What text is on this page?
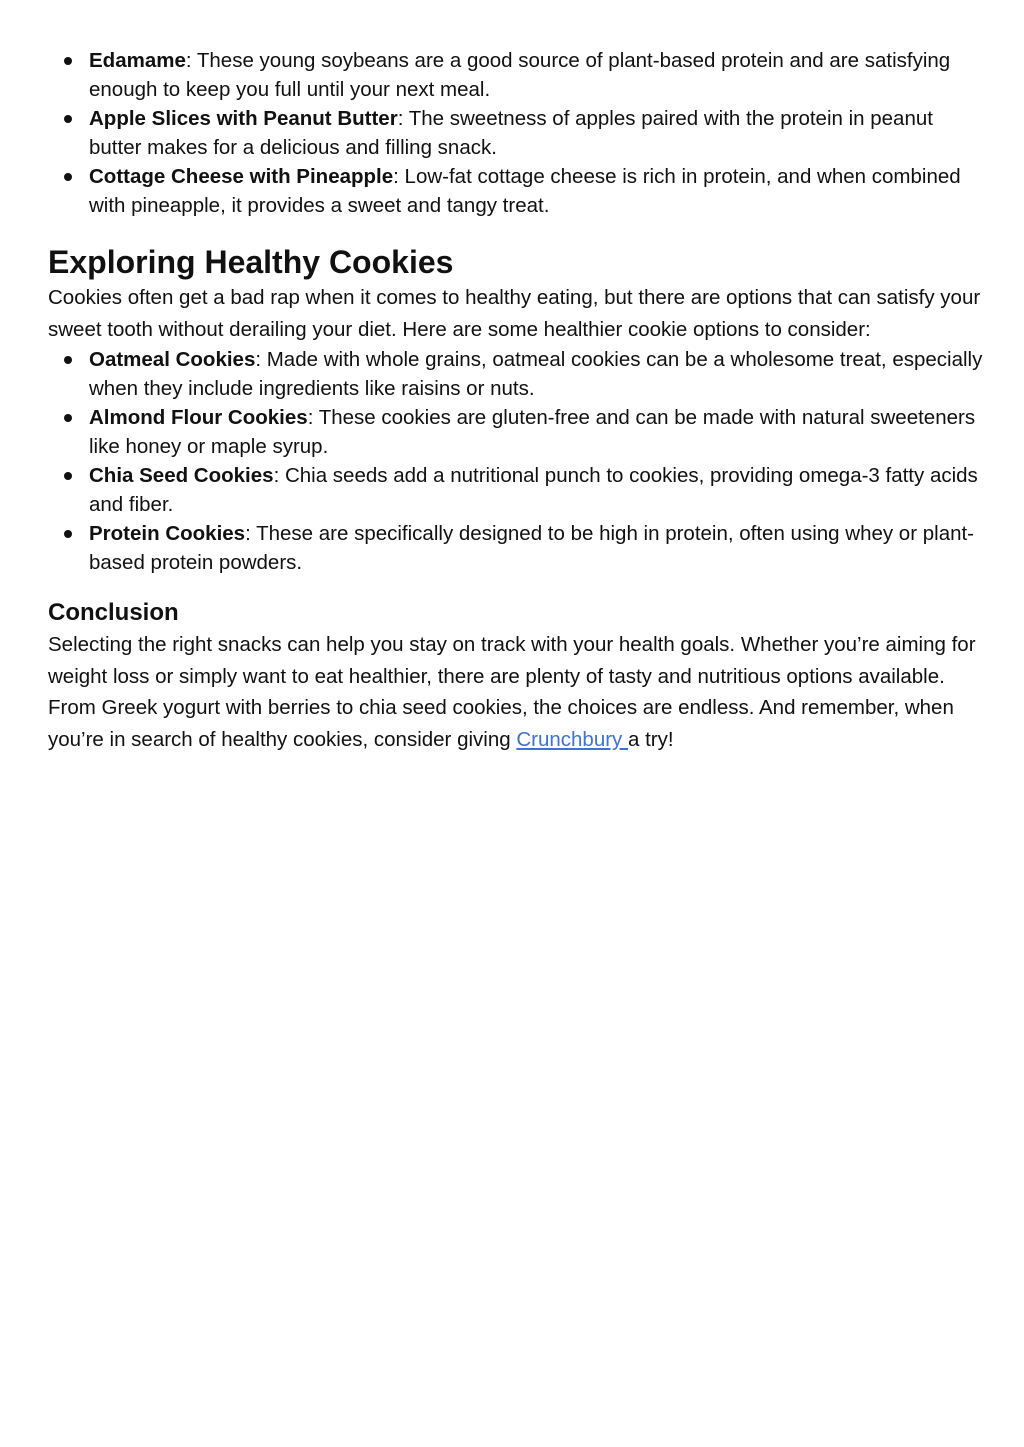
Edamame: These young soybeans are a good source of plant-based protein and are satisfying enough to keep you full until your next meal.
Apple Slices with Peanut Butter: The sweetness of apples paired with the protein in peanut butter makes for a delicious and filling snack.
Cottage Cheese with Pineapple: Low-fat cottage cheese is rich in protein, and when combined with pineapple, it provides a sweet and tangy treat.
Exploring Healthy Cookies

Cookies often get a bad rap when it comes to healthy eating, but there are options that can satisfy your sweet tooth without derailing your diet. Here are some healthier cookie options to consider:

Oatmeal Cookies: Made with whole grains, oatmeal cookies can be a wholesome treat, especially when they include ingredients like raisins or nuts.
Almond Flour Cookies: These cookies are gluten-free and can be made with natural sweeteners like honey or maple syrup.
Chia Seed Cookies: Chia seeds add a nutritional punch to cookies, providing omega-3 fatty acids and fiber.
Protein Cookies: These are specifically designed to be high in protein, often using whey or plant-based protein powders.
Conclusion

Selecting the right snacks can help you stay on track with your health goals. Whether you’re aiming for weight loss or simply want to eat healthier, there are plenty of tasty and nutritious options available. From Greek yogurt with berries to chia seed cookies, the choices are endless. And remember, when you’re in search of healthy cookies, consider giving Crunchbury a try!
